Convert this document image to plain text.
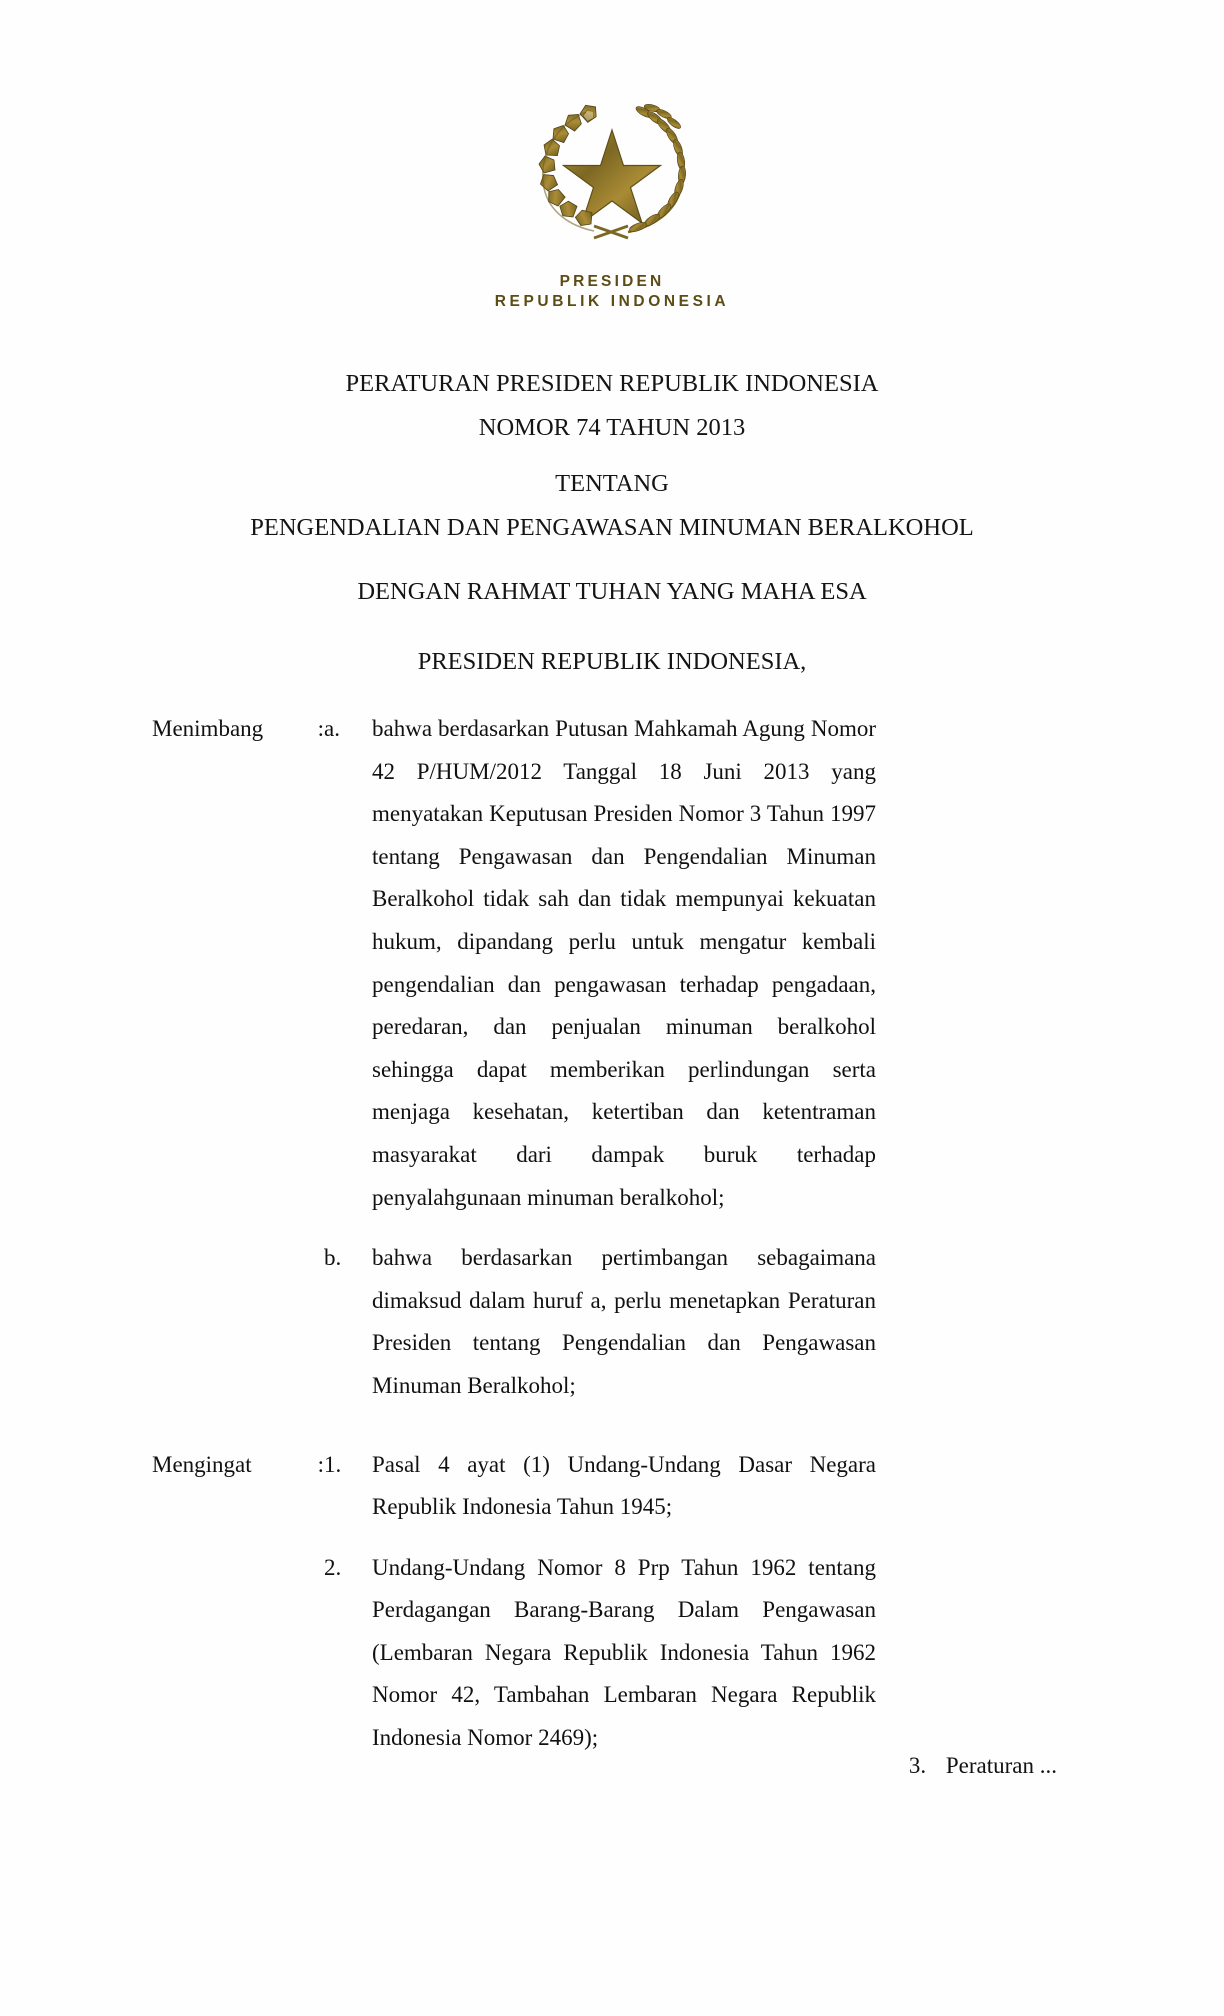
PRESIDEN
REPUBLIK INDONESIA
PERATURAN PRESIDEN REPUBLIK INDONESIA
NOMOR 74 TAHUN 2013
TENTANG
PENGENDALIAN DAN PENGAWASAN MINUMAN BERALKOHOL
DENGAN RAHMAT TUHAN YANG MAHA ESA
PRESIDEN REPUBLIK INDONESIA,
Menimbang : a.	bahwa berdasarkan Putusan Mahkamah Agung Nomor 42 P/HUM/2012 Tanggal 18 Juni 2013 yang menyatakan Keputusan Presiden Nomor 3 Tahun 1997 tentang Pengawasan dan Pengendalian Minuman Beralkohol tidak sah dan tidak mempunyai kekuatan hukum, dipandang perlu untuk mengatur kembali pengendalian dan pengawasan terhadap pengadaan, peredaran, dan penjualan minuman beralkohol sehingga dapat memberikan perlindungan serta menjaga kesehatan, ketertiban dan ketentraman masyarakat dari dampak buruk terhadap penyalahgunaan minuman beralkohol;
b.	bahwa berdasarkan pertimbangan sebagaimana dimaksud dalam huruf a, perlu menetapkan Peraturan Presiden tentang Pengendalian dan Pengawasan Minuman Beralkohol;
Mengingat	: 1.	Pasal 4 ayat (1) Undang-Undang Dasar Negara Republik Indonesia Tahun 1945;
2.	Undang-Undang Nomor 8 Prp Tahun 1962 tentang Perdagangan Barang-Barang Dalam Pengawasan (Lembaran Negara Republik Indonesia Tahun 1962 Nomor 42, Tambahan Lembaran Negara Republik Indonesia Nomor 2469);
3. Peraturan ...
